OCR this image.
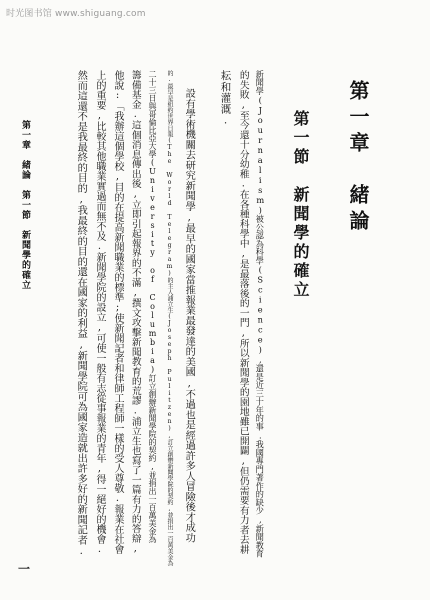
时光图书馆 www.shiguang.com
第一章　緒論
第一節　新聞學的確立
新聞學(Journalism)被公認為科學(Science),還是近三十年的事.我國專門著作的缺少,新聞教育
的失敗,至今還十分幼稚.在各種科學中,是最落後的一門,所以新聞學的園地雖已開闢,但仍需要有力者去耕
耘和灌溉.
設有學術機關去研究新聞學,最早的國家當推報業最發達的美國,不過也是經過許多人冒險後才成功
的.最早是紐約世界日報(The World Telegram)的主人浦立生(Joseph Pulitzen),訂立創辦新聞學院的契約,並捐出一百萬美金為
二十三日與哥倫比亞大學(University of Columbia)訂立創辦新聞學院的契約,並捐出一百萬美金為
籌備基金.這個消息傳出後,立即引起報界的不滿,撰文攻擊新聞教育的荒謬.浦立生也寫了一篇有力的答辯,
他說:「我辦這個學校,目的在提高新聞職業的標準;使新聞記者和律師工程師一樣的受人尊敬.報業在社會
上的重要,比較其他職業實過而無不及.新聞學院的設立,可使一般有志從事報業的青年,得一絕好的機會.
然而這還不是我最終的目的,我最終的目的還在國家的利益,新聞學院可為國家造就出許多好的新聞記者.
第一章　緒論　第一節　新聞學的確立
一
